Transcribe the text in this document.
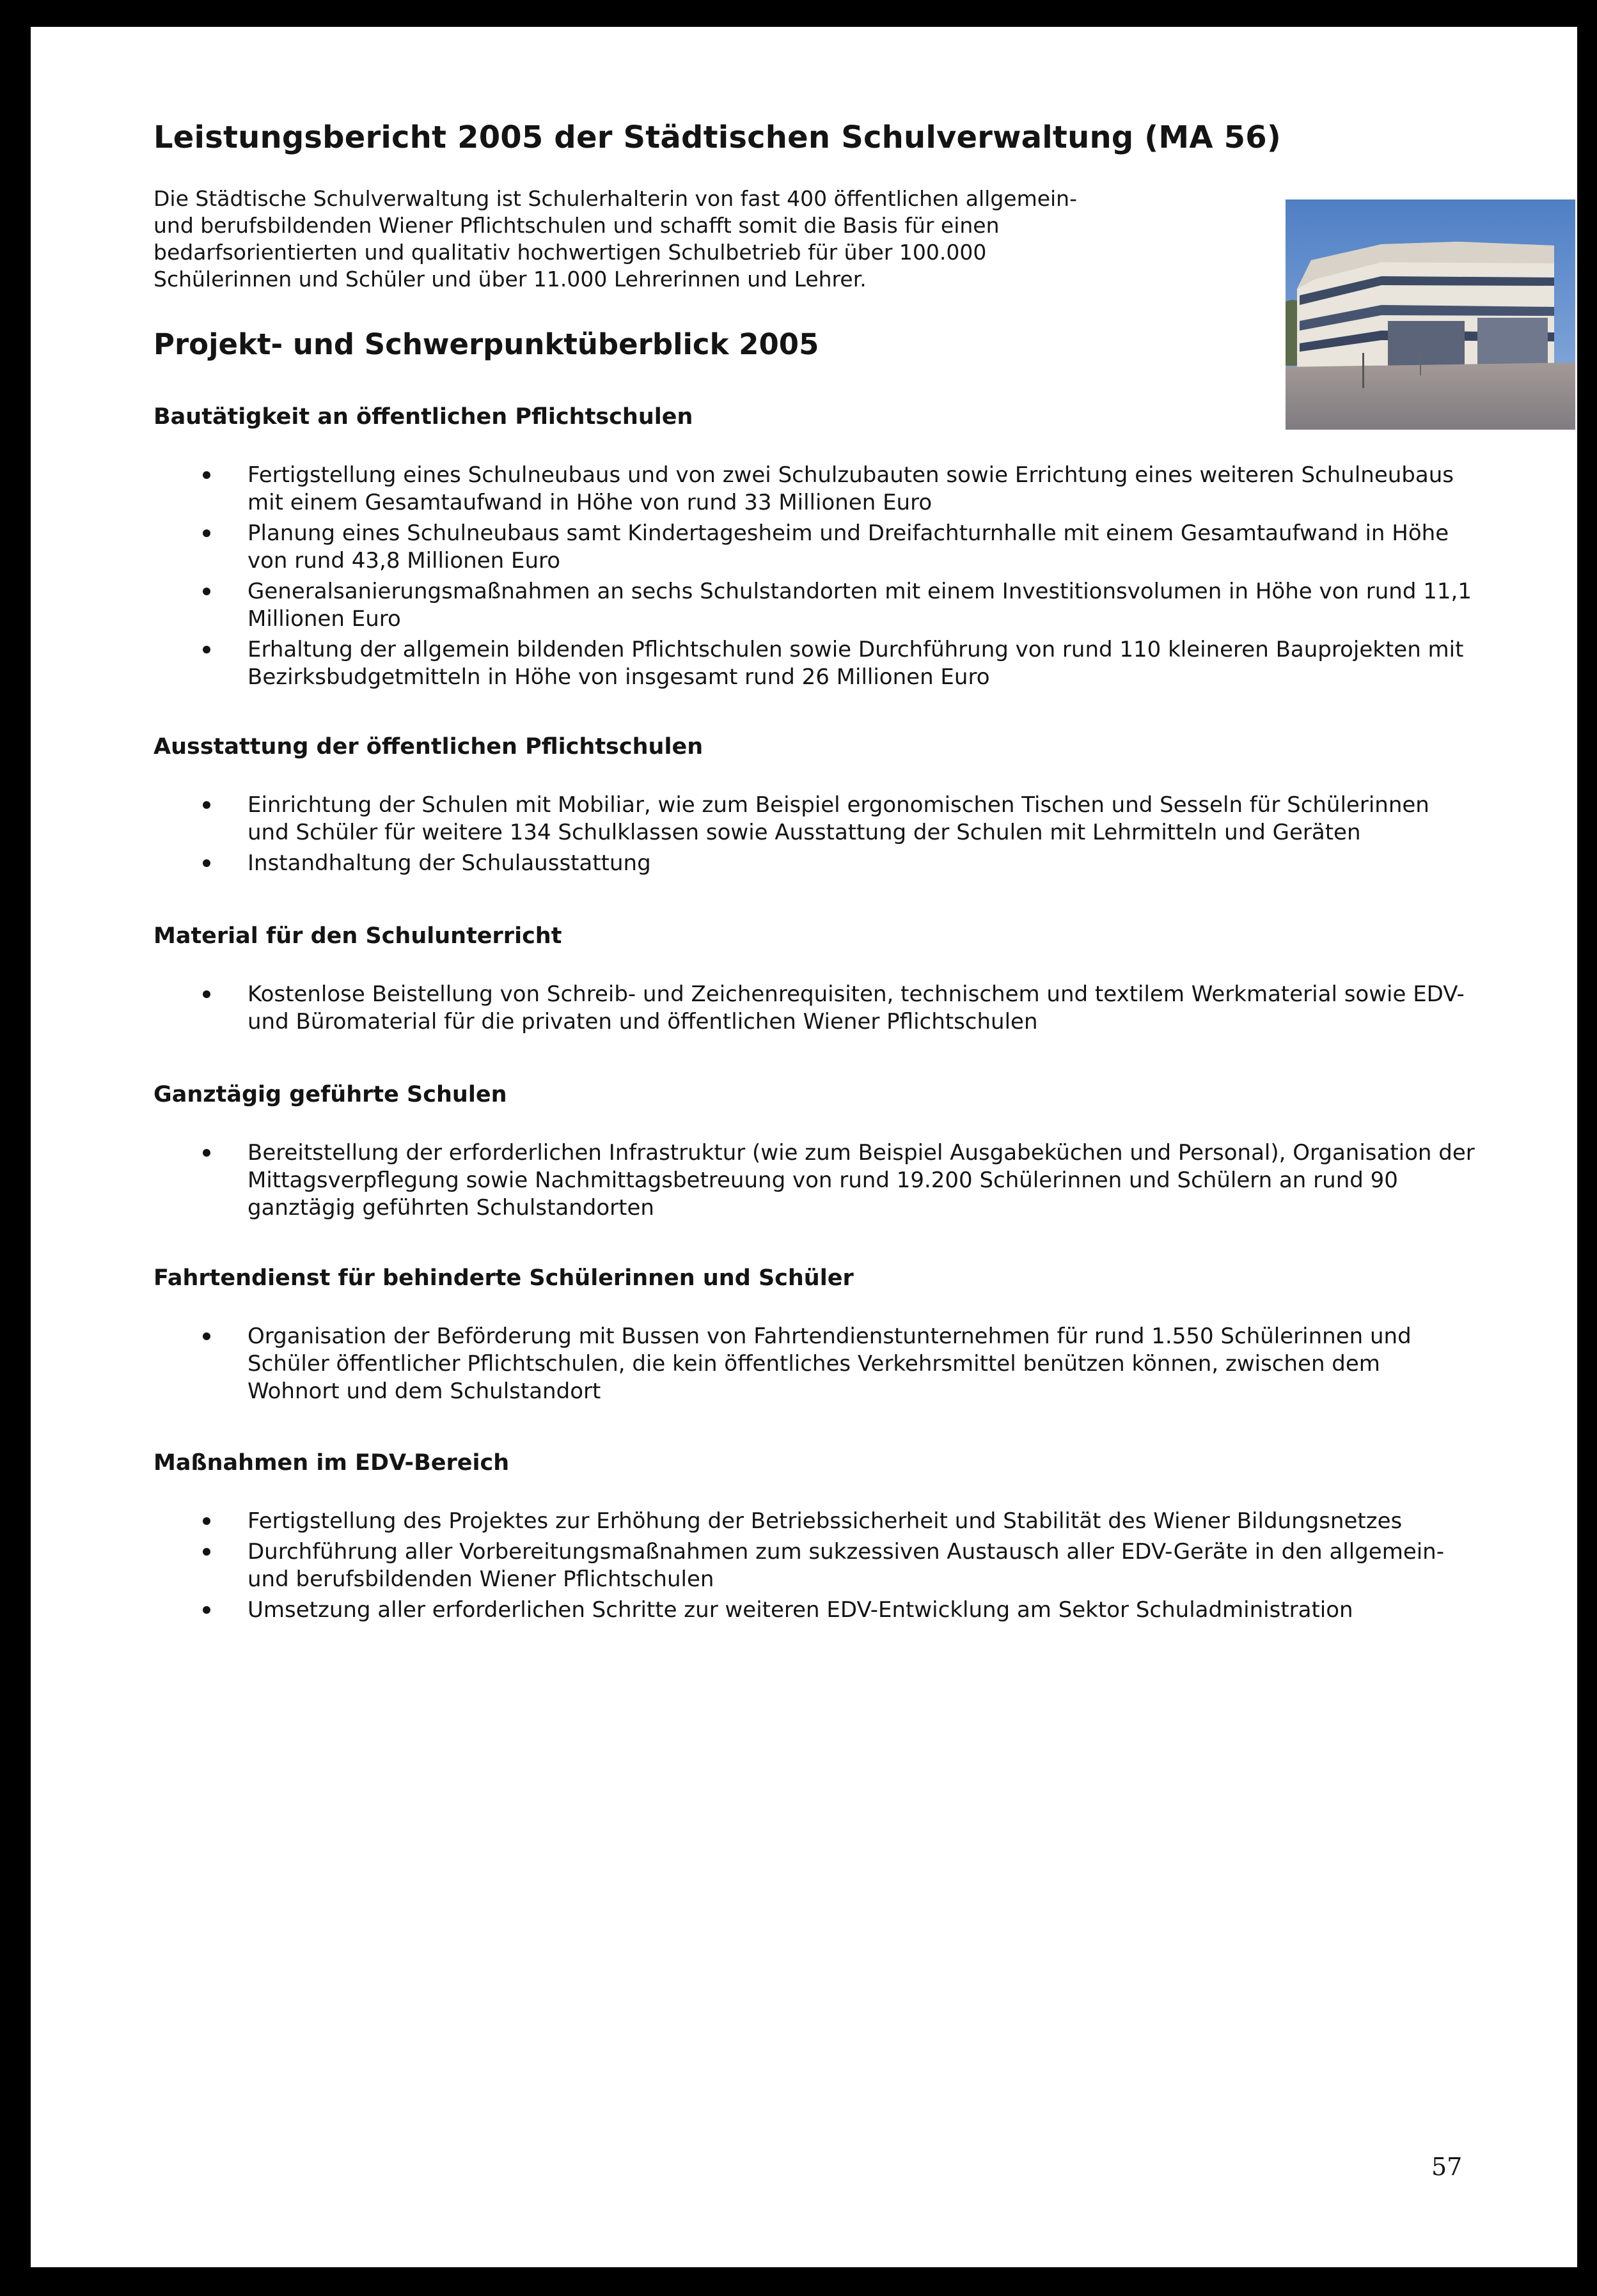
Leistungsbericht 2005 der Städtischen Schulverwaltung (MA 56)

Die Städtische Schulverwaltung ist Schulerhalterin von fast 400 öffentlichen allgemein- und berufsbildenden Wiener Pflichtschulen und schafft somit die Basis für einen bedarfsorientierten und qualitativ hochwertigen Schulbetrieb für über 100.000 Schülerinnen und Schüler und über 11.000 Lehrerinnen und Lehrer.

Projekt- und Schwerpunktüberblick 2005
Bautätigkeit an öffentlichen Pflichtschulen
Fertigstellung eines Schulneubaus und von zwei Schulzubauten sowie Errichtung eines weiteren Schulneubaus mit einem Gesamtaufwand in Höhe von rund 33 Millionen Euro
Planung eines Schulneubaus samt Kindertagesheim und Dreifachturnhalle mit einem Gesamtaufwand in Höhe von rund 43,8 Millionen Euro
Generalsanierungsmaßnahmen an sechs Schulstandorten mit einem Investitionsvolumen in Höhe von rund 11,1 Millionen Euro
Erhaltung der allgemein bildenden Pflichtschulen sowie Durchführung von rund 110 kleineren Bauprojekten mit Bezirksbudgetmitteln in Höhe von insgesamt rund 26 Millionen Euro
Ausstattung der öffentlichen Pflichtschulen
Einrichtung der Schulen mit Mobiliar, wie zum Beispiel ergonomischen Tischen und Sesseln für Schülerinnen und Schüler für weitere 134 Schulklassen sowie Ausstattung der Schulen mit Lehrmitteln und Geräten
Instandhaltung der Schulausstattung
Material für den Schulunterricht
Kostenlose Beistellung von Schreib- und Zeichenrequisiten, technischem und textilem Werkmaterial sowie EDV- und Büromaterial für die privaten und öffentlichen Wiener Pflichtschulen
Ganztägig geführte Schulen
Bereitstellung der erforderlichen Infrastruktur (wie zum Beispiel Ausgabeküchen und Personal), Organisation der Mittagsverpflegung sowie Nachmittagsbetreuung von rund 19.200 Schülerinnen und Schülern an rund 90 ganztägig geführten Schulstandorten
Fahrtendienst für behinderte Schülerinnen und Schüler
Organisation der Beförderung mit Bussen von Fahrtendienstunternehmen für rund 1.550 Schülerinnen und Schüler öffentlicher Pflichtschulen, die kein öffentliches Verkehrsmittel benützen können, zwischen dem Wohnort und dem Schulstandort
Maßnahmen im EDV-Bereich
Fertigstellung des Projektes zur Erhöhung der Betriebssicherheit und Stabilität des Wiener Bildungsnetzes
Durchführung aller Vorbereitungsmaßnahmen zum sukzessiven Austausch aller EDV-Geräte in den allgemein- und berufsbildenden Wiener Pflichtschulen
Umsetzung aller erforderlichen Schritte zur weiteren EDV-Entwicklung am Sektor Schuladministration
57
